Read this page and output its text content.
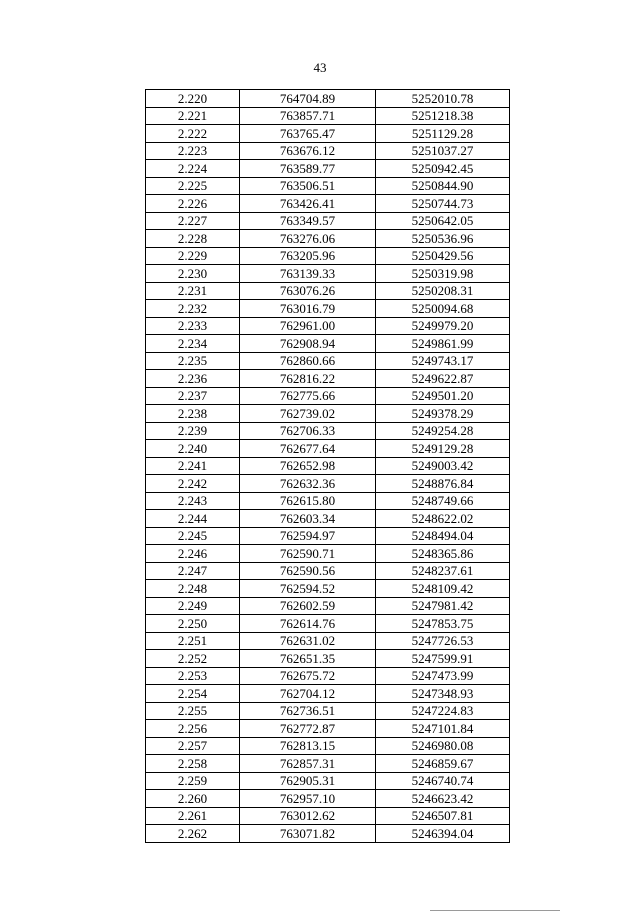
43
2.220	764704.89	5252010.78
2.221	763857.71	5251218.38
2.222	763765.47	5251129.28
2.223	763676.12	5251037.27
2.224	763589.77	5250942.45
2.225	763506.51	5250844.90
2.226	763426.41	5250744.73
2.227	763349.57	5250642.05
2.228	763276.06	5250536.96
2.229	763205.96	5250429.56
2.230	763139.33	5250319.98
2.231	763076.26	5250208.31
2.232	763016.79	5250094.68
2.233	762961.00	5249979.20
2.234	762908.94	5249861.99
2.235	762860.66	5249743.17
2.236	762816.22	5249622.87
2.237	762775.66	5249501.20
2.238	762739.02	5249378.29
2.239	762706.33	5249254.28
2.240	762677.64	5249129.28
2.241	762652.98	5249003.42
2.242	762632.36	5248876.84
2.243	762615.80	5248749.66
2.244	762603.34	5248622.02
2.245	762594.97	5248494.04
2.246	762590.71	5248365.86
2.247	762590.56	5248237.61
2.248	762594.52	5248109.42
2.249	762602.59	5247981.42
2.250	762614.76	5247853.75
2.251	762631.02	5247726.53
2.252	762651.35	5247599.91
2.253	762675.72	5247473.99
2.254	762704.12	5247348.93
2.255	762736.51	5247224.83
2.256	762772.87	5247101.84
2.257	762813.15	5246980.08
2.258	762857.31	5246859.67
2.259	762905.31	5246740.74
2.260	762957.10	5246623.42
2.261	763012.62	5246507.81
2.262	763071.82	5246394.04
